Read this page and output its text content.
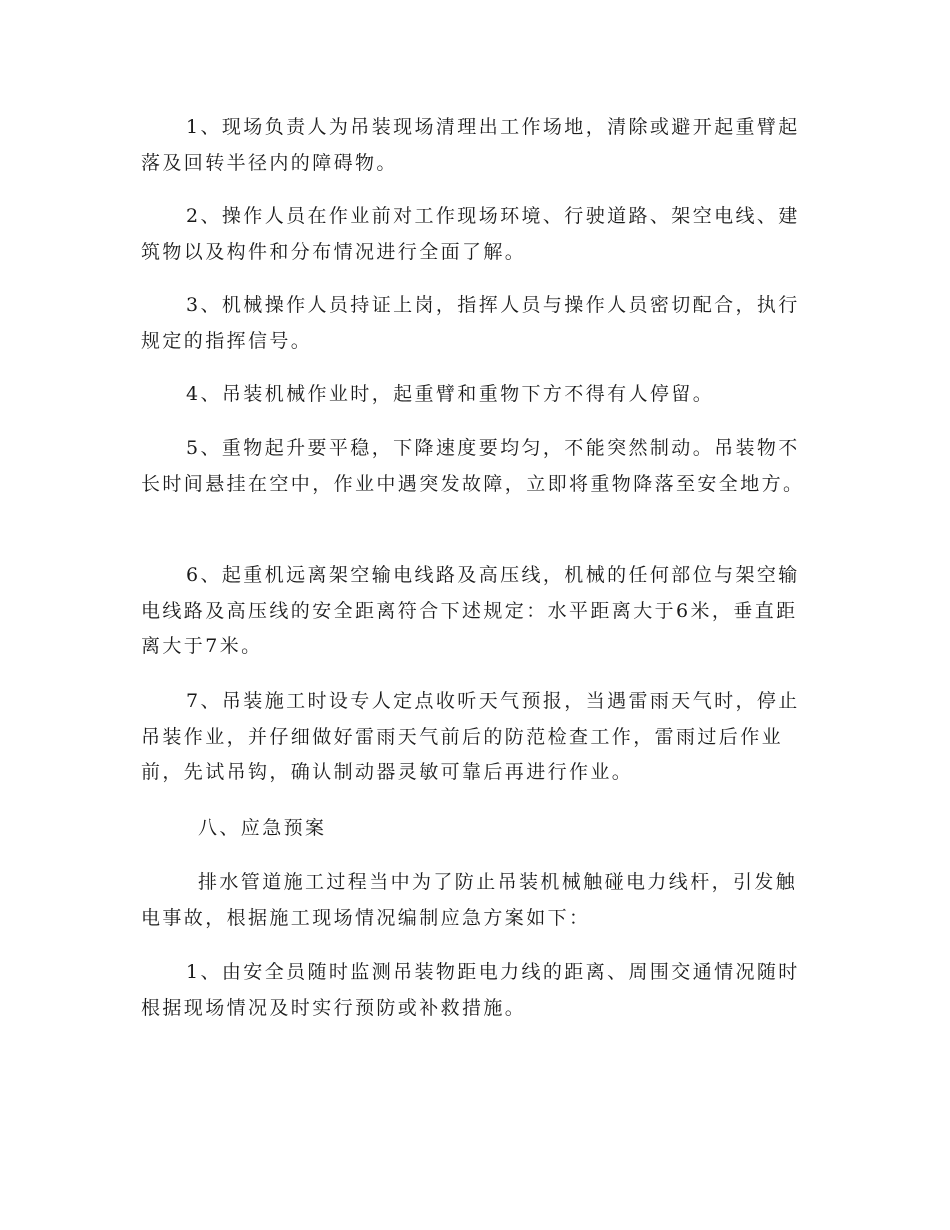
1、现场负责人为吊装现场清理出工作场地，清除或避开起重臂起落及回转半径内的障碍物。

2、操作人员在作业前对工作现场环境、行驶道路、架空电线、建筑物以及构件和分布情况进行全面了解。

3、机械操作人员持证上岗，指挥人员与操作人员密切配合，执行规定的指挥信号。

4、吊装机械作业时，起重臂和重物下方不得有人停留。

5、重物起升要平稳，下降速度要均匀，不能突然制动。吊装物不长时间悬挂在空中，作业中遇突发故障，立即将重物降落至安全地方。

6、起重机远离架空输电线路及高压线，机械的任何部位与架空输电线路及高压线的安全距离符合下述规定：水平距离大于6米，垂直距离大于7米。

7、吊装施工时设专人定点收听天气预报，当遇雷雨天气时，停止吊装作业，并仔细做好雷雨天气前后的防范检查工作，雷雨过后作业前，先试吊钩，确认制动器灵敏可靠后再进行作业。

八、应急预案

排水管道施工过程当中为了防止吊装机械触碰电力线杆，引发触电事故，根据施工现场情况编制应急方案如下：

1、由安全员随时监测吊装物距电力线的距离、周围交通情况随时根据现场情况及时实行预防或补救措施。
